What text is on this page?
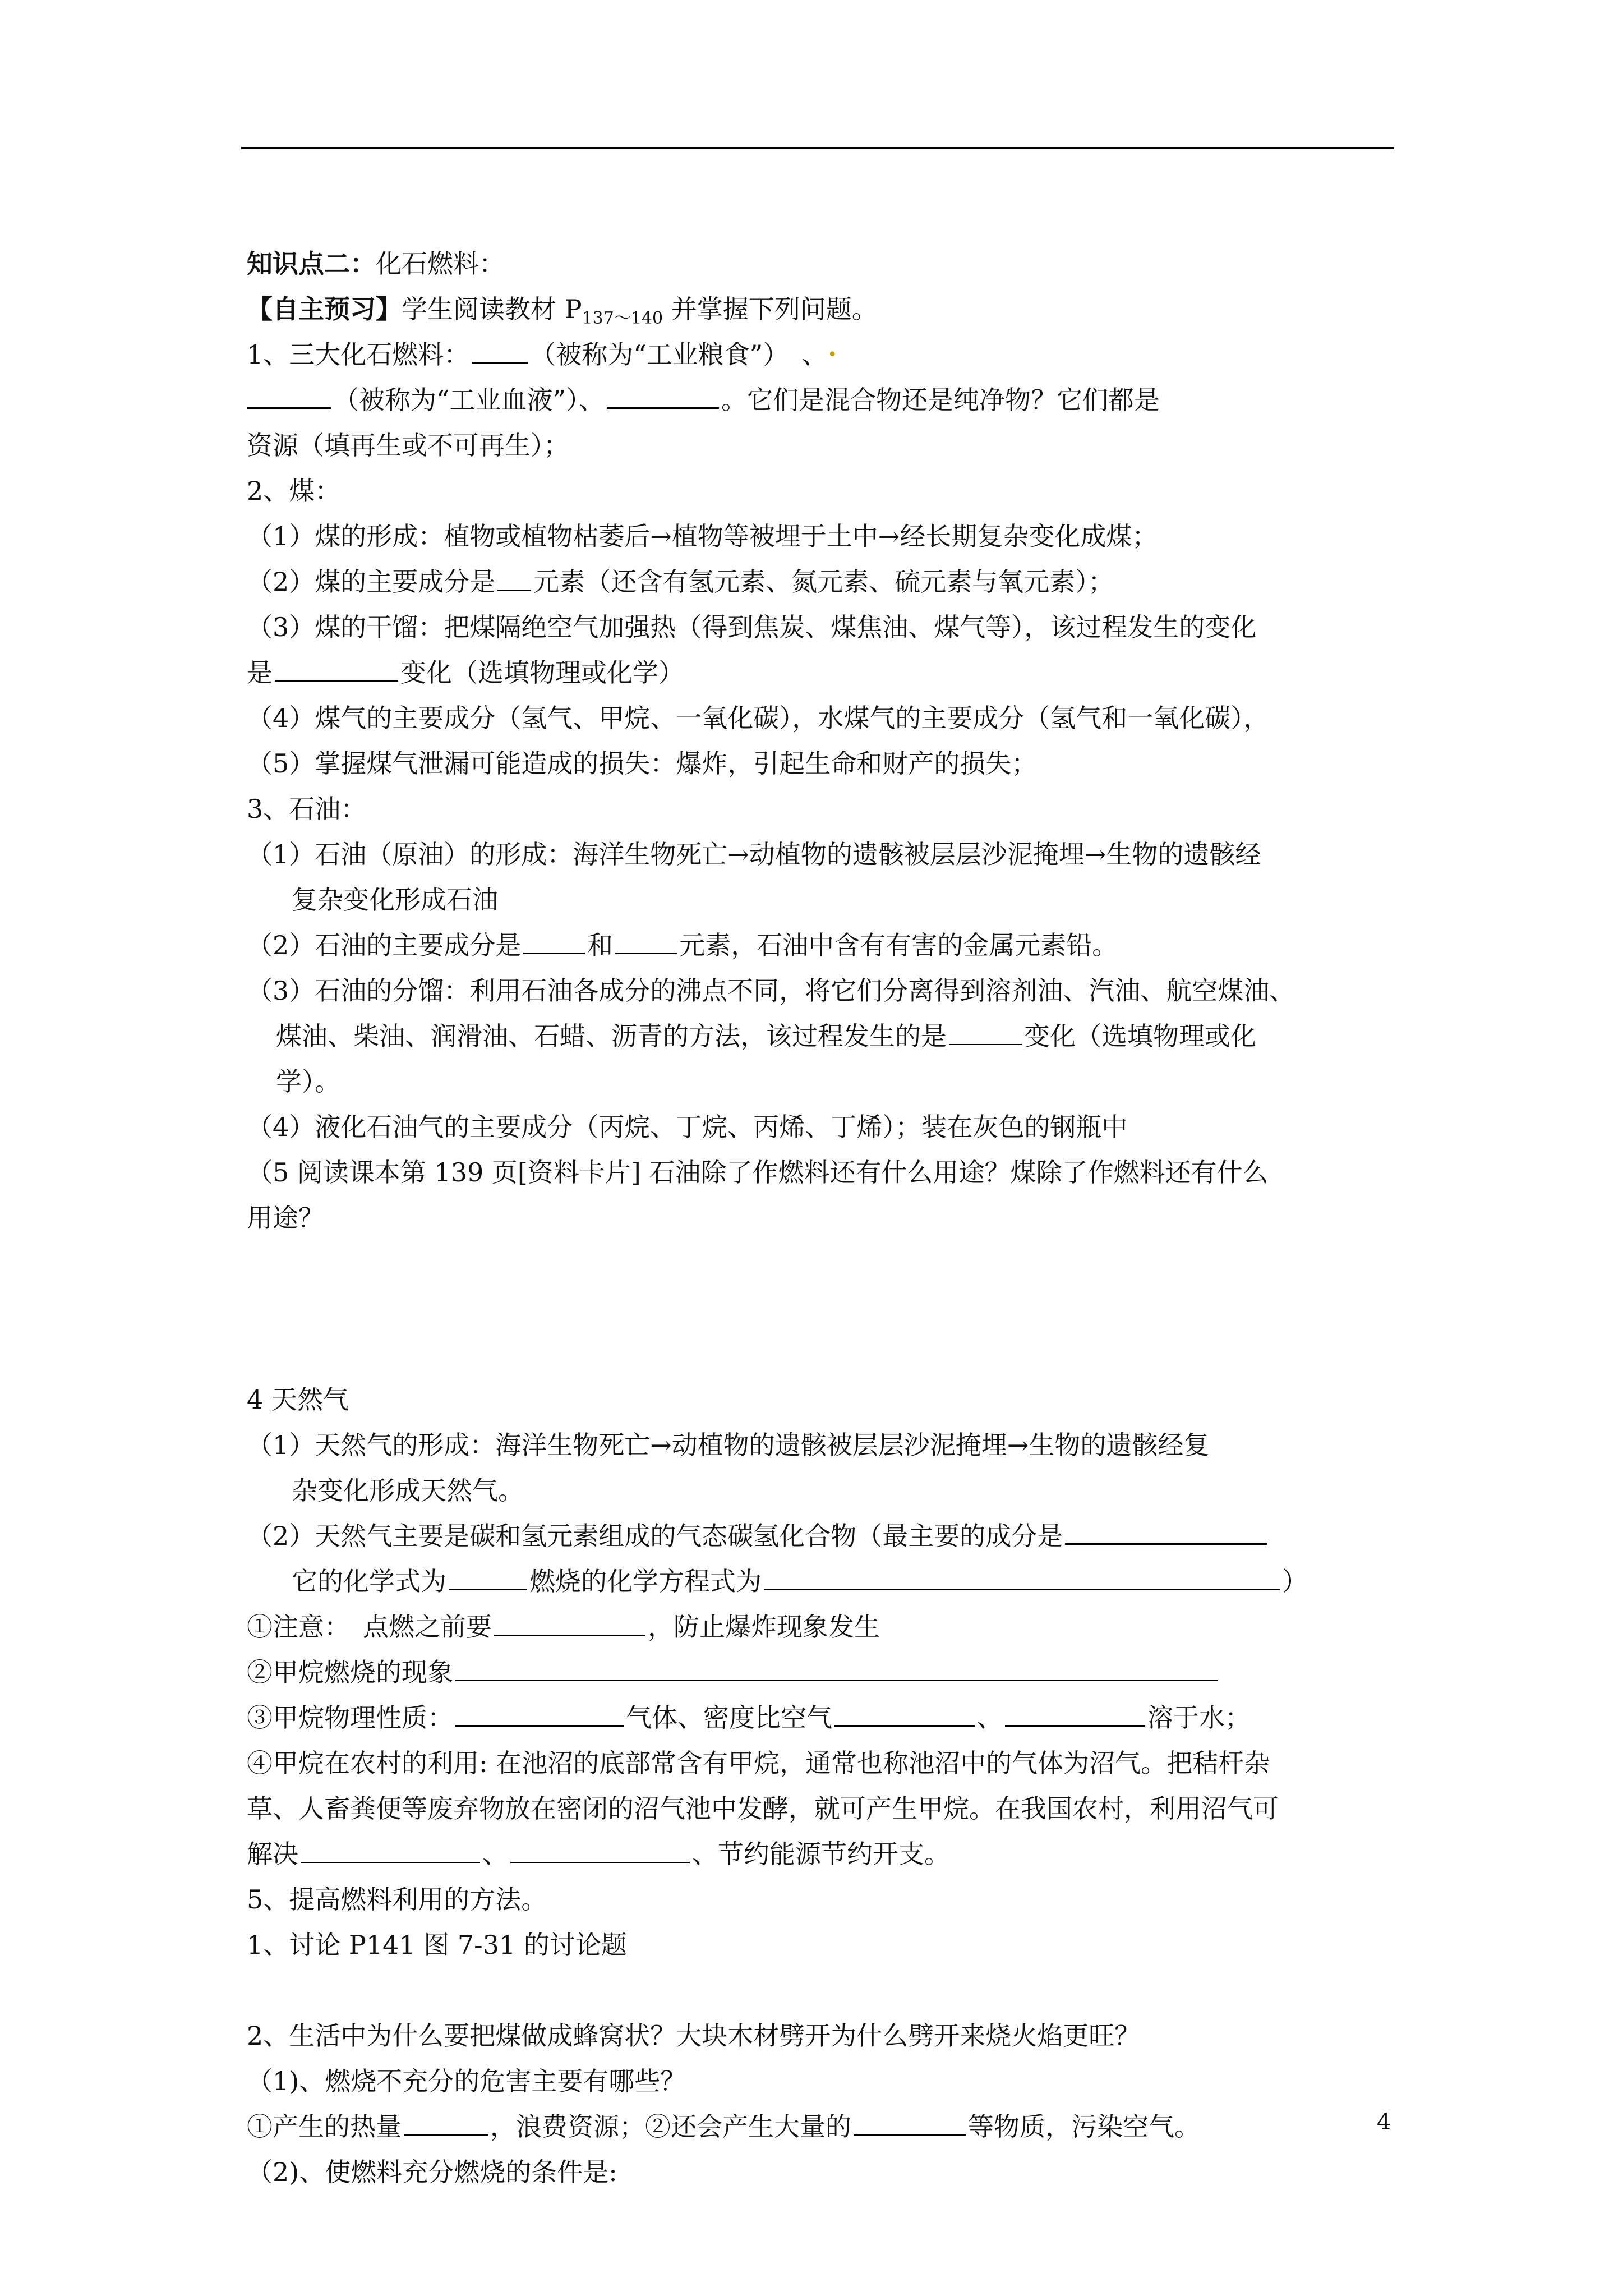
知识点二：化石燃料：
【自主预习】学生阅读教材 $P_{137\sim 140}$ 并掌握下列问题。
1、三大化石燃料： （被称为“工业粮食”）　、•
（被称为“工业血液”）、	。它们是混合物还是纯净物？它们都是
资源（填再生或不可再生）；
2、煤：
（1）煤的形成：植物或植物枯萎后→植物等被埋于土中→经长期复杂变化成煤；
（2）煤的主要成分是 元素（还含有氢元素、氮元素、硫元素与氧元素）；
（3）煤的干馏：把煤隔绝空气加强热（得到焦炭、煤焦油、煤气等），该过程发生的变化
是	变化（选填物理或化学）
（4）煤气的主要成分（氢气、甲烷、一氧化碳），水煤气的主要成分（氢气和一氧化碳），
（5）掌握煤气泄漏可能造成的损失：爆炸，引起生命和财产的损失；
3、石油：
（1）石油（原油）的形成：海洋生物死亡→动植物的遗骸被层层沙泥掩埋→生物的遗骸经
复杂变化形成石油
（2）石油的主要成分是	和	元素，石油中含有有害的金属元素铅。
（3）石油的分馏：利用石油各成分的沸点不同，将它们分离得到溶剂油、汽油、航空煤油、
煤油、柴油、润滑油、石蜡、沥青的方法，该过程发生的是	变化（选填物理或化
学）。
（4）液化石油气的主要成分（丙烷、丁烷、丙烯、丁烯）；装在灰色的钢瓶中
（5 阅读课本第 139 页[资料卡片] 石油除了作燃料还有什么用途？煤除了作燃料还有什么
用途？
4 天然气
（1）天然气的形成：海洋生物死亡→动植物的遗骸被层层沙泥掩埋→生物的遗骸经复
杂变化形成天然气。
（2）天然气主要是碳和氢元素组成的气态碳氢化合物（最主要的成分是
它的化学式为	燃烧的化学方程式为	）
①注意：　点燃之前要	，防止爆炸现象发生
②甲烷燃烧的现象
③甲烷物理性质：	气体、密度比空气	、	溶于水；
④甲烷在农村的利用: 在池沼的底部常含有甲烷，通常也称池沼中的气体为沼气。把秸杆杂
草、人畜粪便等废弃物放在密闭的沼气池中发酵，就可产生甲烷。在我国农村，利用沼气可
解决	、	、节约能源节约开支。
5、提高燃料利用的方法。
1、讨论 P141 图 7-31 的讨论题
2、生活中为什么要把煤做成蜂窝状？大块木材劈开为什么劈开来烧火焰更旺？
（1)、燃烧不充分的危害主要有哪些？
①产生的热量	，浪费资源；②还会产生大量的	等物质，污染空气。
（2)、使燃料充分燃烧的条件是:
4
